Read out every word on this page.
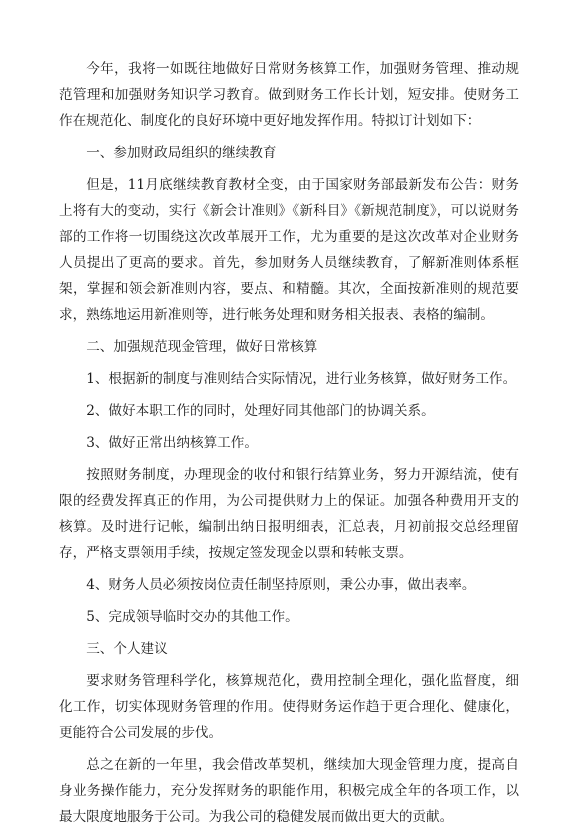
今年，我将一如既往地做好日常财务核算工作，加强财务管理、推动规范管理和加强财务知识学习教育。做到财务工作长计划，短安排。使财务工作在规范化、制度化的良好环境中更好地发挥作用。特拟订计划如下：

一、参加财政局组织的继续教育

但是，11月底继续教育教材全变，由于国家财务部最新发布公告：财务上将有大的变动，实行《新会计准则》《新科目》《新规范制度》，可以说财务部的工作将一切围绕这次改革展开工作，尤为重要的是这次改革对企业财务人员提出了更高的要求。首先，参加财务人员继续教育，了解新准则体系框架，掌握和领会新准则内容，要点、和精髓。其次，全面按新准则的规范要求，熟练地运用新准则等，进行帐务处理和财务相关报表、表格的编制。

二、加强规范现金管理，做好日常核算

1、根据新的制度与准则结合实际情况，进行业务核算，做好财务工作。

2、做好本职工作的同时，处理好同其他部门的协调关系。

3、做好正常出纳核算工作。

按照财务制度，办理现金的收付和银行结算业务，努力开源结流，使有限的经费发挥真正的作用，为公司提供财力上的保证。加强各种费用开支的核算。及时进行记帐，编制出纳日报明细表，汇总表，月初前报交总经理留存，严格支票领用手续，按规定签发现金以票和转帐支票。

4、财务人员必须按岗位责任制坚持原则，秉公办事，做出表率。

5、完成领导临时交办的其他工作。

三、个人建议

要求财务管理科学化，核算规范化，费用控制全理化，强化监督度，细化工作，切实体现财务管理的作用。使得财务运作趋于更合理化、健康化，更能符合公司发展的步伐。

总之在新的一年里，我会借改革契机，继续加大现金管理力度，提高自身业务操作能力，充分发挥财务的职能作用，积极完成全年的各项工作，以最大限度地服务于公司。为我公司的稳健发展而做出更大的贡献。
